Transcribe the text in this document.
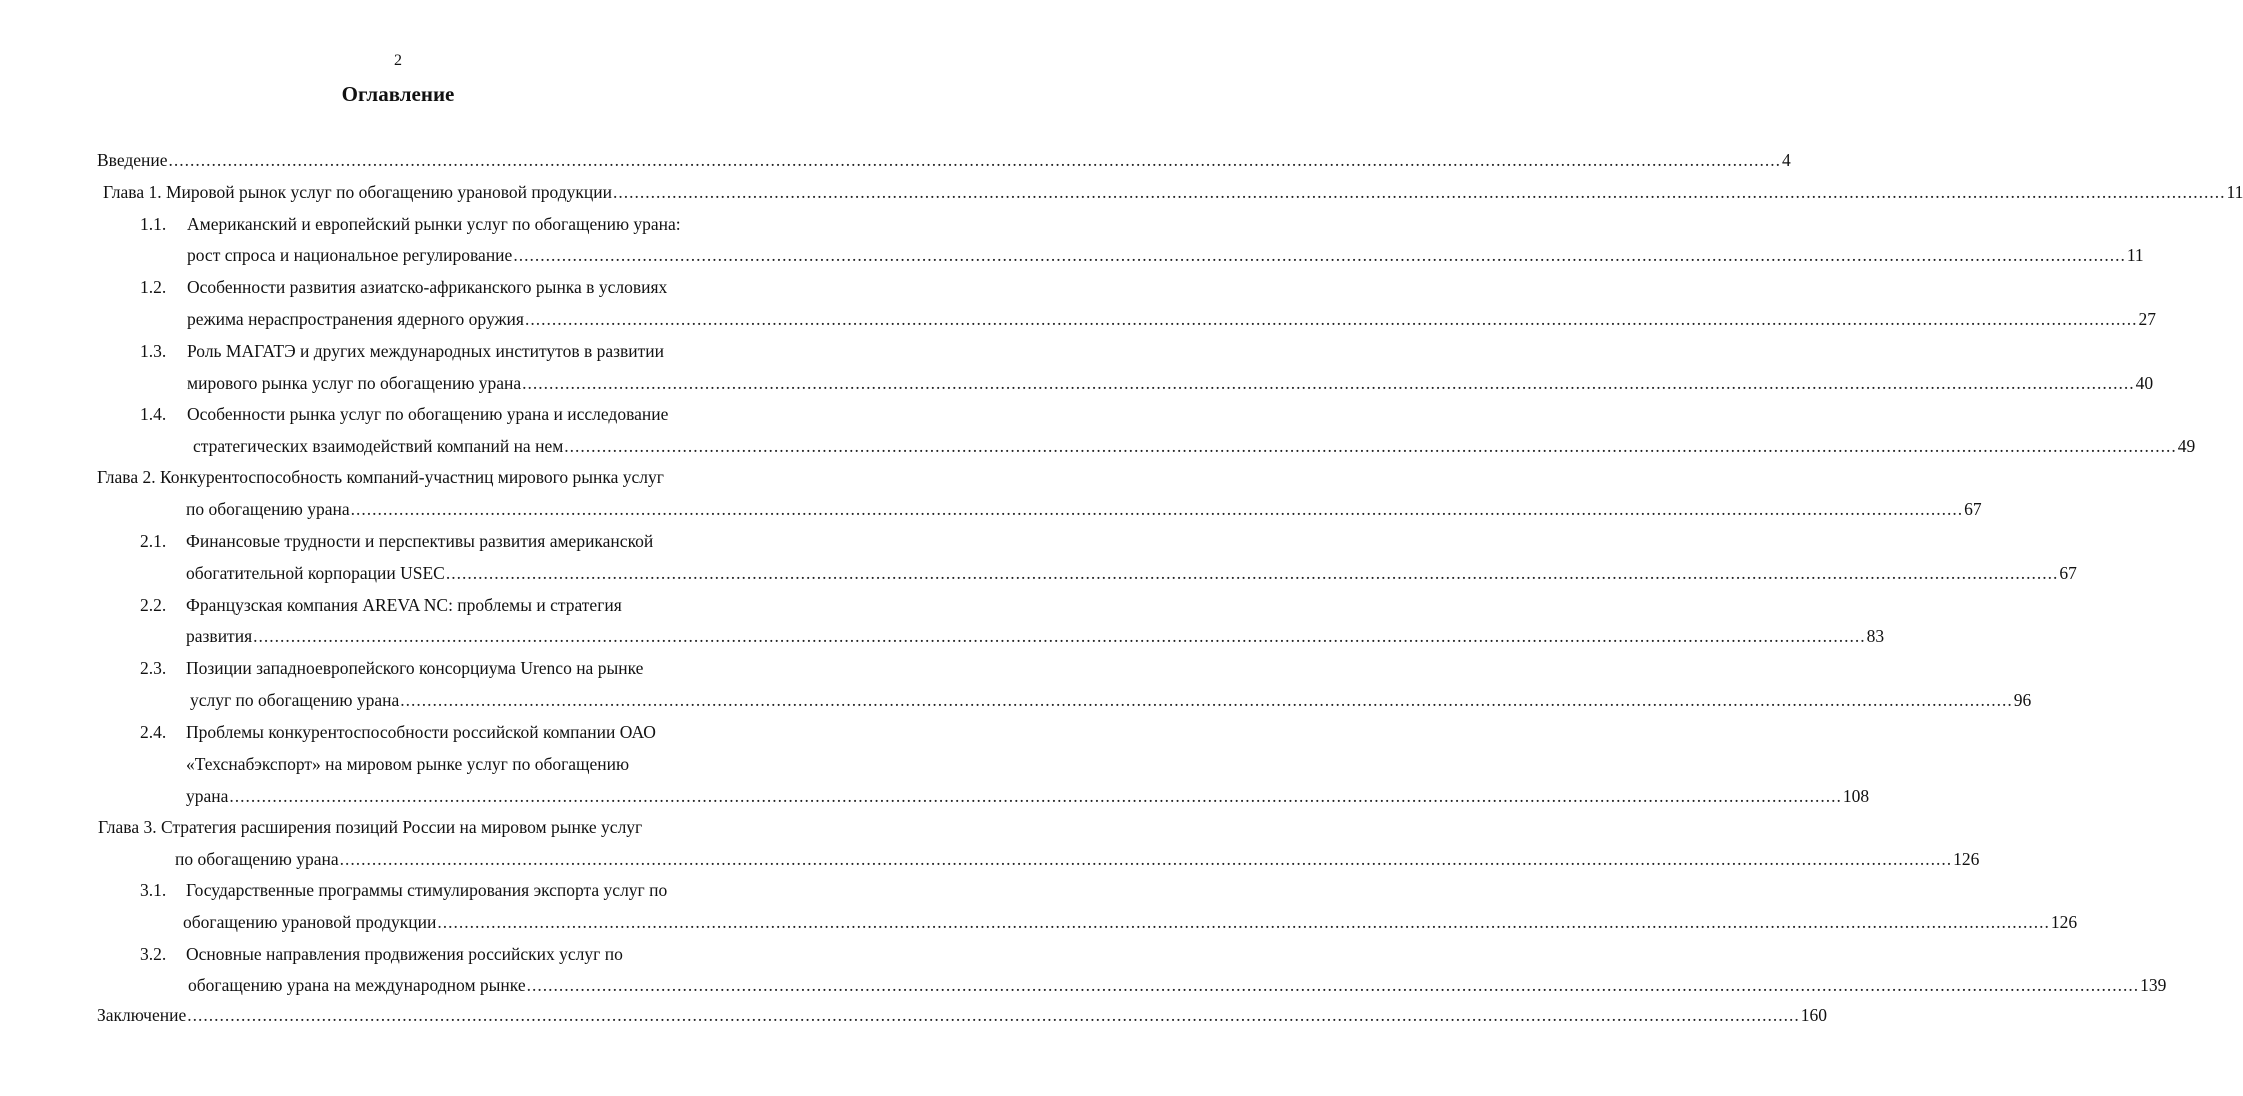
2
Оглавление
Введение ............................................................................................................................................................................................................................................................................................................ 4
Глава 1. Мировой рынок услуг по обогащению урановой продукции ............................................................................................................................................................................................................................................................................................................ 11
1.1. Американский и европейский рынки услуг по обогащению урана:
рост спроса и национальное регулирование ............................................................................................................................................................................................................................................................................................................ 11
1.2. Особенности развития азиатско-африканского рынка в условиях
режима нераспространения ядерного оружия ............................................................................................................................................................................................................................................................................................................ 27
1.3. Роль МАГАТЭ и других международных институтов в развитии
мирового рынка услуг по обогащению урана ............................................................................................................................................................................................................................................................................................................ 40
1.4. Особенности рынка услуг по обогащению урана и исследование
стратегических взаимодействий компаний на нем ............................................................................................................................................................................................................................................................................................................ 49
Глава 2. Конкурентоспособность компаний-участниц мирового рынка услуг
по обогащению урана ............................................................................................................................................................................................................................................................................................................ 67
2.1. Финансовые трудности и перспективы развития американской
обогатительной корпорации USEC ............................................................................................................................................................................................................................................................................................................ 67
2.2. Французская компания AREVA NC: проблемы и стратегия
развития ............................................................................................................................................................................................................................................................................................................ 83
2.3. Позиции западноевропейского консорциума Urenco на рынке
услуг по обогащению урана ............................................................................................................................................................................................................................................................................................................ 96
2.4. Проблемы конкурентоспособности российской компании ОАО
«Техснабэкспорт» на мировом рынке услуг по обогащению
урана ............................................................................................................................................................................................................................................................................................................ 108
Глава 3. Стратегия расширения позиций России на мировом рынке услуг
по обогащению урана ............................................................................................................................................................................................................................................................................................................ 126
3.1. Государственные программы стимулирования экспорта услуг по
обогащению урановой продукции ............................................................................................................................................................................................................................................................................................................ 126
3.2. Основные направления продвижения российских услуг по
обогащению урана на международном рынке ............................................................................................................................................................................................................................................................................................................ 139
Заключение ............................................................................................................................................................................................................................................................................................................ 160
